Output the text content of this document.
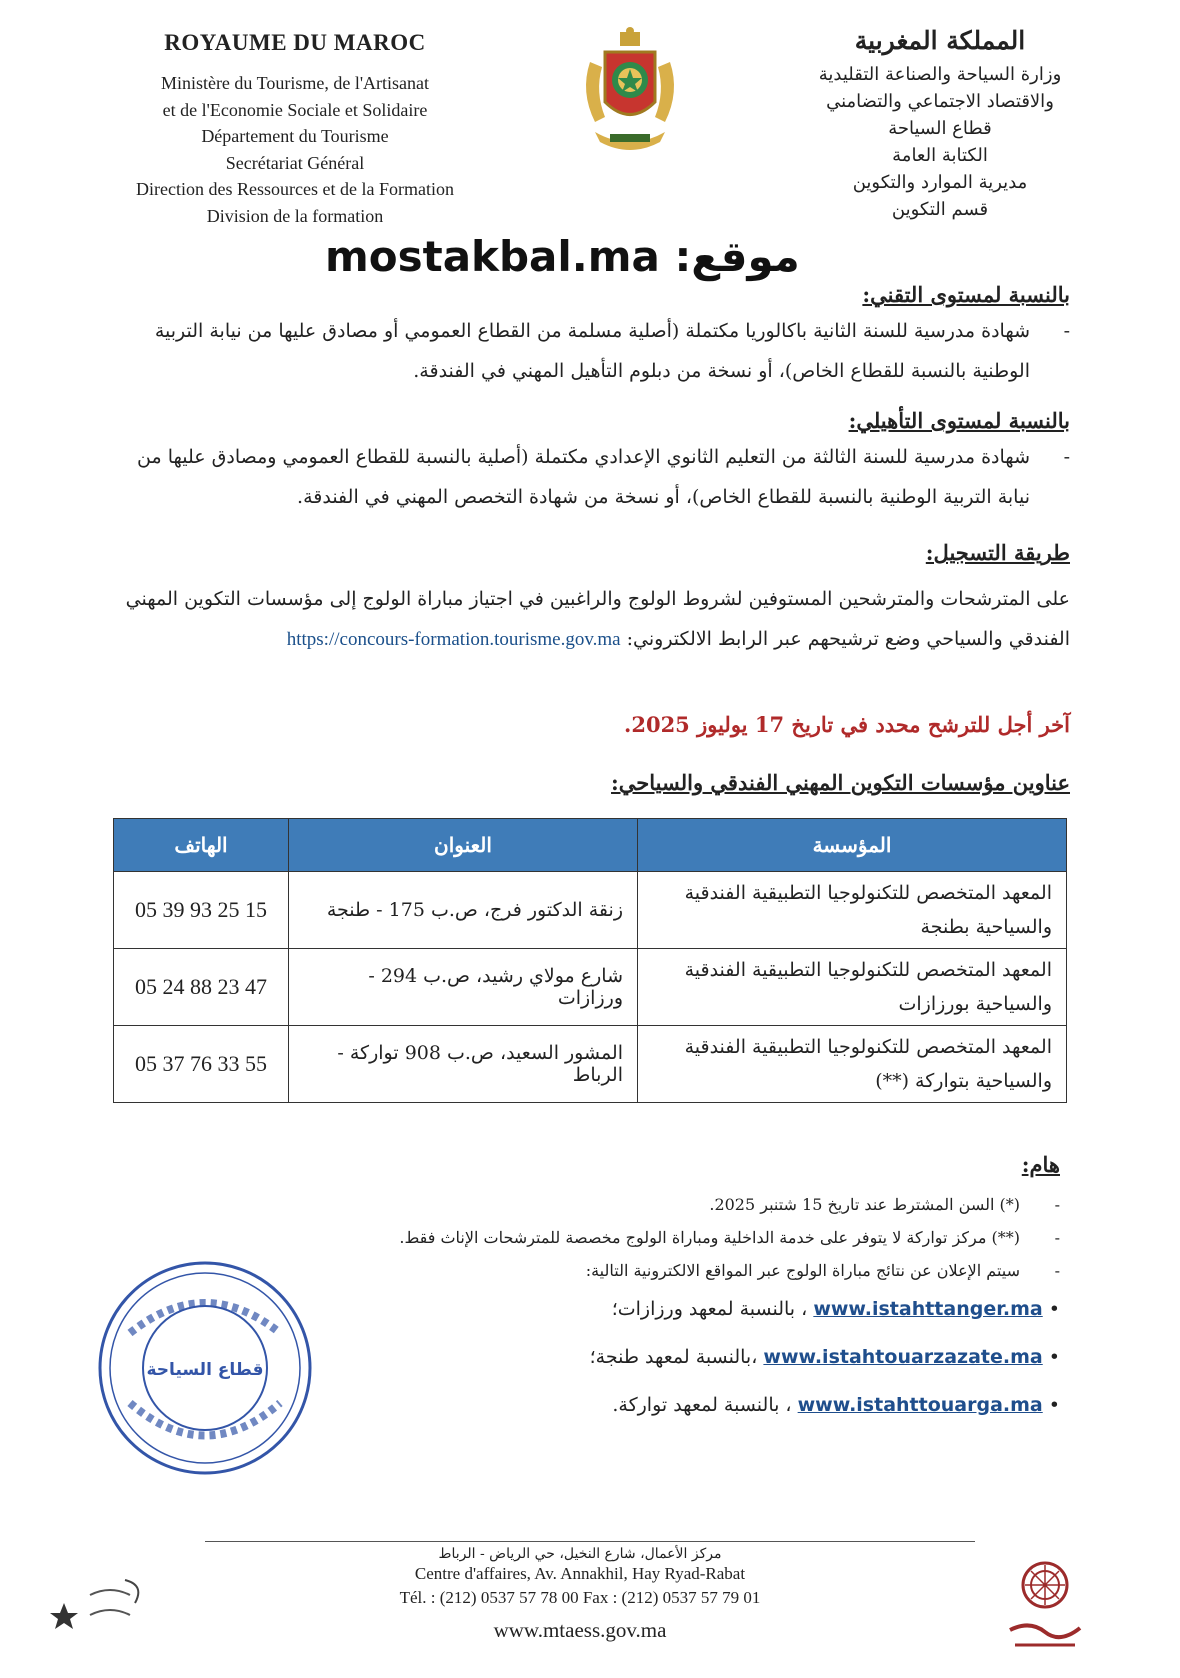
ROYAUME DU MAROC
Ministère du Tourisme, de l'Artisanat
et de l'Economie Sociale et Solidaire
Département du Tourisme
Secrétariat Général
Direction des Ressources et de la Formation
Division de la formation
المملكة المغربية
وزارة السياحة والصناعة التقليدية
والاقتصاد الاجتماعي والتضامني
قطاع السياحة
الكتابة العامة
مديرية الموارد والتكوين
قسم التكوين
mostakbal.ma :موقع
بالنسبة لمستوى التقني:
- شهادة مدرسية للسنة الثانية باكالوريا مكتملة (أصلية مسلمة من القطاع العمومي أو مصادق عليها من نيابة التربية الوطنية بالنسبة للقطاع الخاص)، أو نسخة من دبلوم التأهيل المهني في الفندقة.
بالنسبة لمستوى التأهيلي:
- شهادة مدرسية للسنة الثالثة من التعليم الثانوي الإعدادي مكتملة (أصلية بالنسبة للقطاع العمومي ومصادق عليها من نيابة التربية الوطنية بالنسبة للقطاع الخاص)، أو نسخة من شهادة التخصص المهني في الفندقة.
طريقة التسجيل:
على المترشحات والمترشحين المستوفين لشروط الولوج والراغبين في اجتياز مباراة الولوج إلى مؤسسات التكوين المهني الفندقي والسياحي وضع ترشيحهم عبر الرابط الالكتروني: https://concours-formation.tourisme.gov.ma
آخر أجل للترشح محدد في تاريخ 17 يوليوز 2025.
عناوين مؤسسات التكوين المهني الفندقي والسياحي:
المؤسسة	العنوان	الهاتف
المعهد المتخصص للتكنولوجيا التطبيقية الفندقية والسياحية بطنجة	زنقة الدكتور فرج، ص.ب 175 - طنجة	05 39 93 25 15
المعهد المتخصص للتكنولوجيا التطبيقية الفندقية والسياحية بورزازات	شارع مولاي رشيد، ص.ب 294 - ورزازات	05 24 88 23 47
المعهد المتخصص للتكنولوجيا التطبيقية الفندقية والسياحية بتواركة (**)	المشور السعيد، ص.ب 908 تواركة - الرباط	05 37 76 33 55
هام:
- (*) السن المشترط عند تاريخ 15 شتنبر 2025.
- (**) مركز تواركة لا يتوفر على خدمة الداخلية ومباراة الولوج مخصصة للمترشحات الإناث فقط.
- سيتم الإعلان عن نتائج مباراة الولوج عبر المواقع الالكترونية التالية:
• www.istahttanger.ma ، بالنسبة لمعهد ورزازات؛
• www.istahtouarzazate.ma ،بالنسبة لمعهد طنجة؛
• www.istahttouarga.ma ، بالنسبة لمعهد تواركة.
قطاع السياحة
مركز الأعمال، شارع النخيل، حي الرياض - الرباط
Centre d'affaires, Av. Annakhil, Hay Ryad-Rabat
Tél. : (212) 0537 57 78 00 Fax : (212) 0537 57 79 01
www.mtaess.gov.ma
